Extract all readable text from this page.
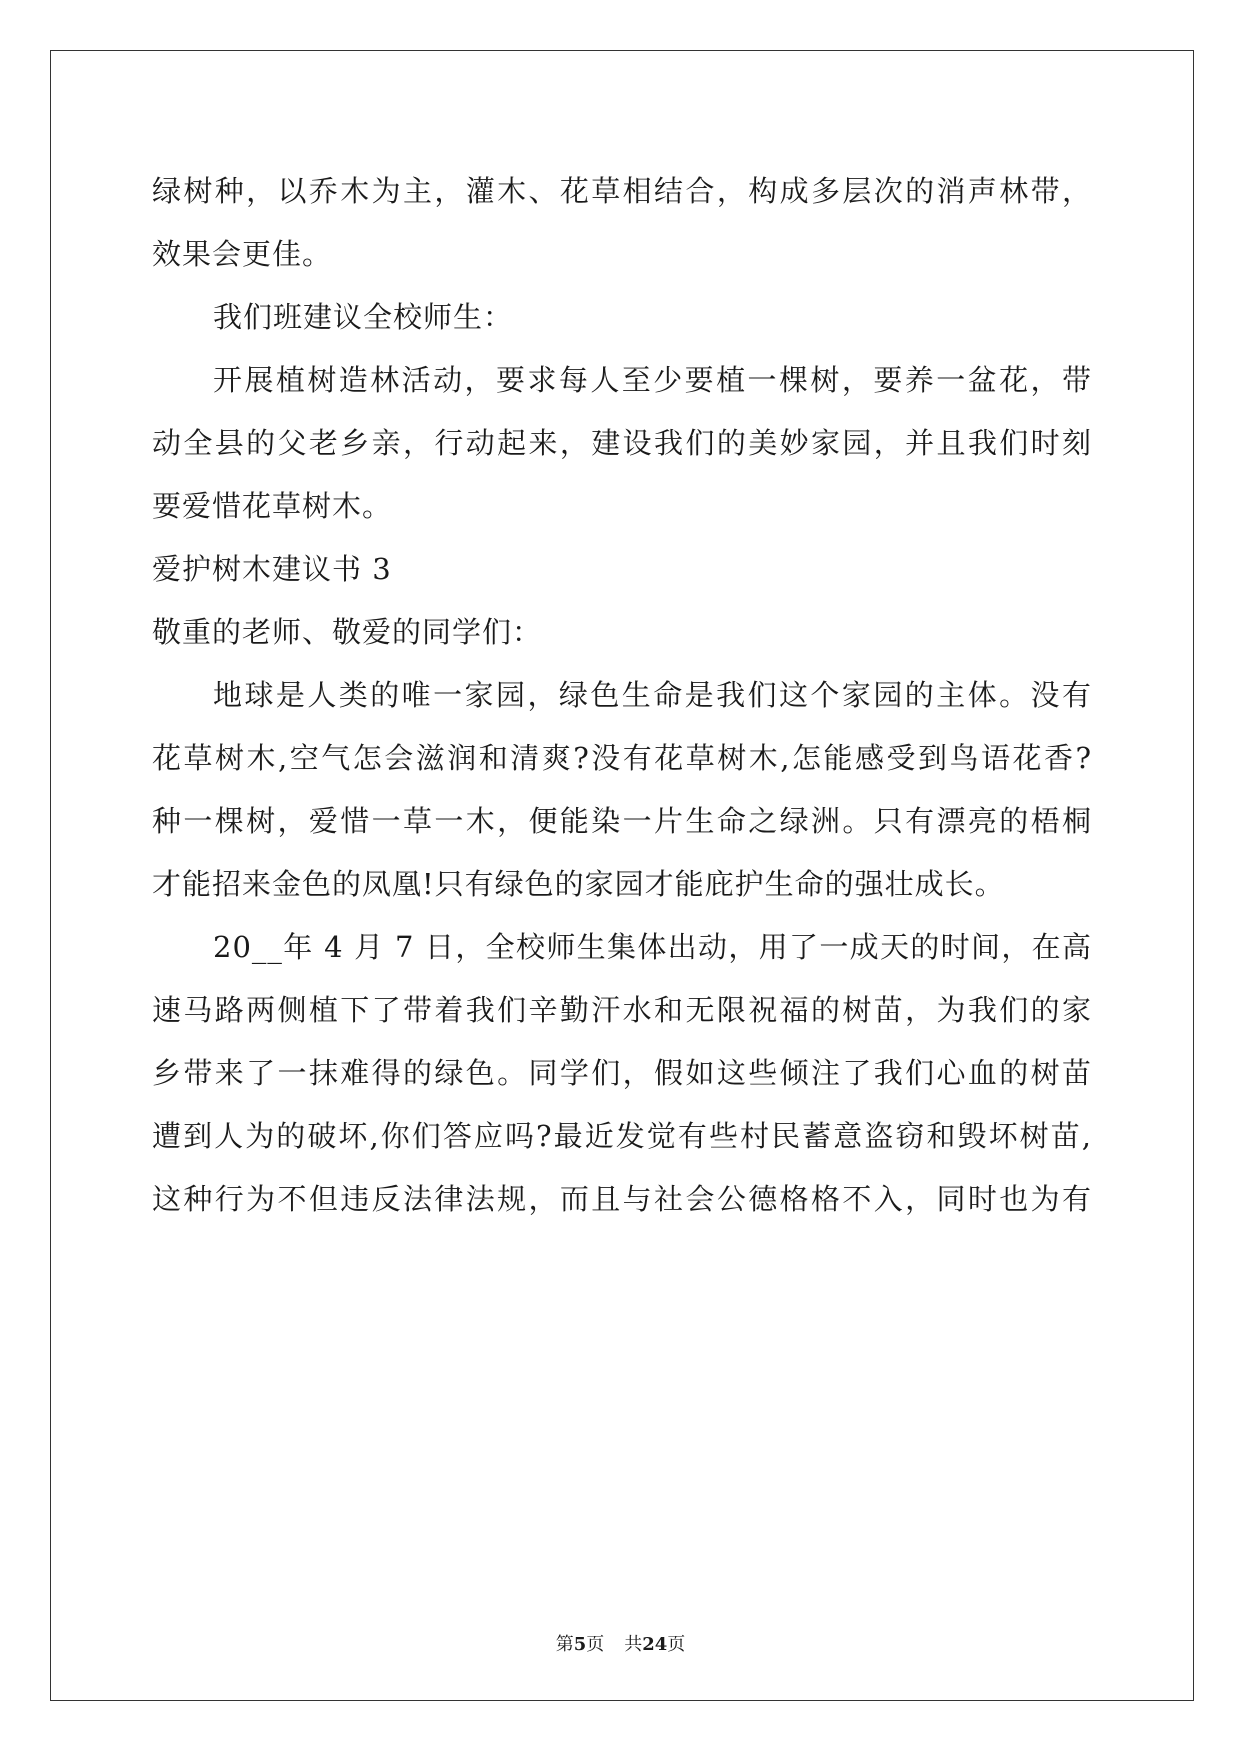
绿树种，以乔木为主，灌木、花草相结合，构成多层次的消声林带，
效果会更佳。
我们班建议全校师生：
开展植树造林活动，要求每人至少要植一棵树，要养一盆花，带
动全县的父老乡亲，行动起来，建设我们的美妙家园，并且我们时刻
要爱惜花草树木。
爱护树木建议书 3
敬重的老师、敬爱的同学们：
地球是人类的唯一家园，绿色生命是我们这个家园的主体。没有
花草树木,空气怎会滋润和清爽?没有花草树木,怎能感受到鸟语花香?
种一棵树，爱惜一草一木，便能染一片生命之绿洲。只有漂亮的梧桐
才能招来金色的凤凰!只有绿色的家园才能庇护生命的强壮成长。
20__年 4 月 7 日，全校师生集体出动，用了一成天的时间，在高
速马路两侧植下了带着我们辛勤汗水和无限祝福的树苗，为我们的家
乡带来了一抹难得的绿色。同学们，假如这些倾注了我们心血的树苗
遭到人为的破坏,你们答应吗?最近发觉有些村民蓄意盗窃和毁坏树苗,
这种行为不但违反法律法规，而且与社会公德格格不入，同时也为有
第5页 共24页
